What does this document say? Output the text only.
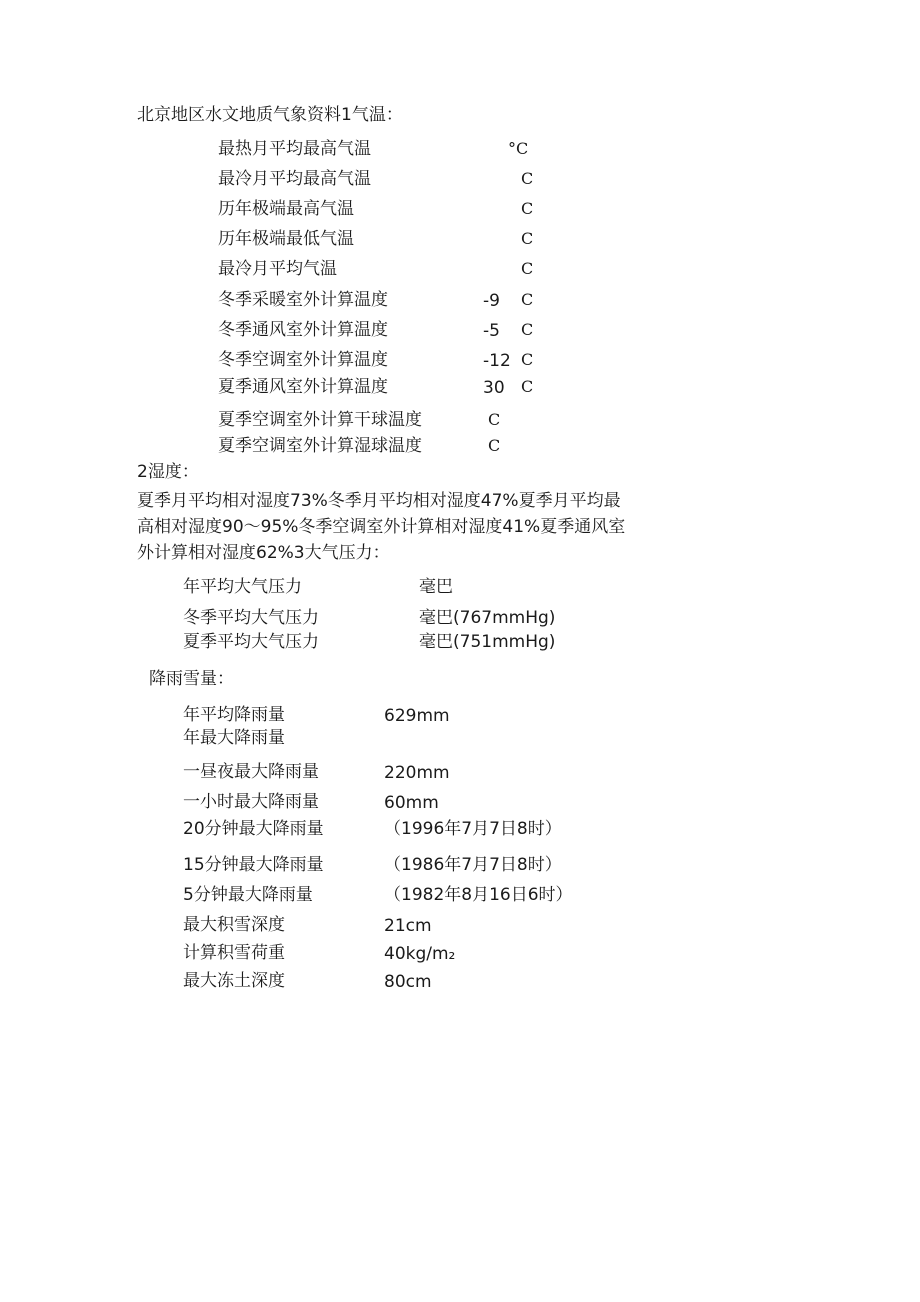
北京地区水文地质气象资料1气温：
最热月平均最高气温	°C
最冷月平均最高气温	C
历年极端最高气温	C
历年极端最低气温	C
最冷月平均气温	C
冬季采暖室外计算温度	-9 C
冬季通风室外计算温度	-5 C
冬季空调室外计算温度	-12 C
夏季通风室外计算温度	30 C
夏季空调室外计算干球温度	C
夏季空调室外计算湿球温度	C
2湿度：
夏季月平均相对湿度73%冬季月平均相对湿度47%夏季月平均最高相对湿度90～95%冬季空调室外计算相对湿度41%夏季通风室外计算相对湿度62%3大气压力：
年平均大气压力	毫巴
冬季平均大气压力	毫巴(767mmHg)
夏季平均大气压力	毫巴(751mmHg)
降雨雪量：
年平均降雨量	629mm
年最大降雨量
一昼夜最大降雨量	220mm
一小时最大降雨量	60mm
20分钟最大降雨量	（1996年7月7日8时）
15分钟最大降雨量	（1986年7月7日8时）
5分钟最大降雨量	（1982年8月16日6时）
最大积雪深度	21cm
计算积雪荷重	40kg/m₂
最大冻土深度	80cm
